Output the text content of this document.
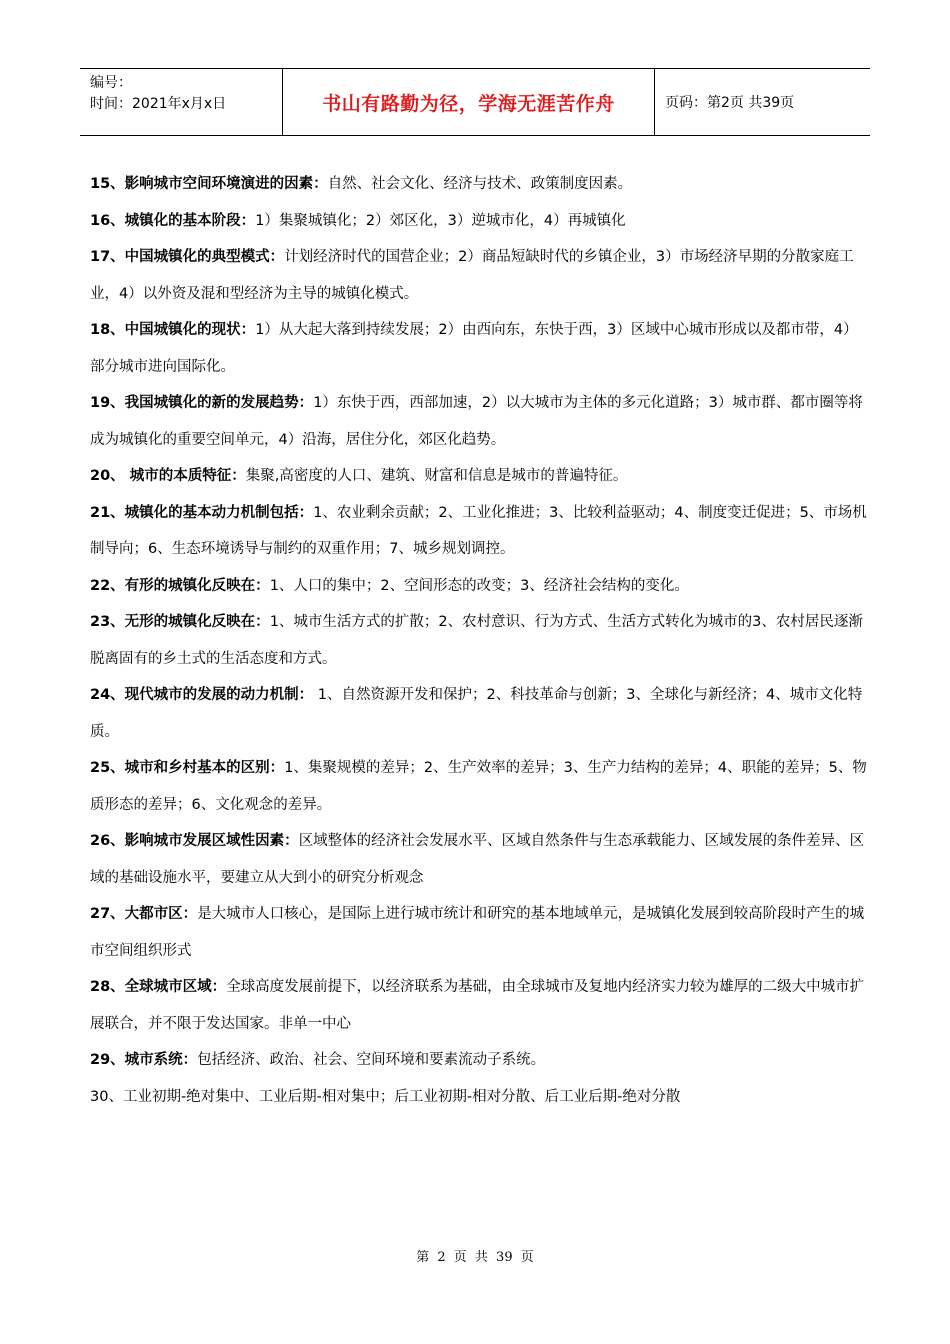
编号：
时间：2021年x月x日	书山有路勤为径，学海无涯苦作舟	页码：第2页 共39页

15、影响城市空间环境演进的因素：自然、社会文化、经济与技术、政策制度因素。

16、城镇化的基本阶段：1）集聚城镇化；2）郊区化，3）逆城市化，4）再城镇化

17、中国城镇化的典型模式：计划经济时代的国营企业；2）商品短缺时代的乡镇企业，3）市场经济早期的分散家庭工业，4）以外资及混和型经济为主导的城镇化模式。

18、中国城镇化的现状：1）从大起大落到持续发展；2）由西向东，东快于西，3）区域中心城市形成以及都市带，4）部分城市进向国际化。

19、我国城镇化的新的发展趋势：1）东快于西，西部加速，2）以大城市为主体的多元化道路；3）城市群、都市圈等将成为城镇化的重要空间单元，4）沿海，居住分化，郊区化趋势。

20、 城市的本质特征：集聚,高密度的人口、建筑、财富和信息是城市的普遍特征。

21、城镇化的基本动力机制包括：1、农业剩余贡献；2、工业化推进；3、比较利益驱动；4、制度变迁促进；5、市场机制导向；6、生态环境诱导与制约的双重作用；7、城乡规划调控。

22、有形的城镇化反映在：1、人口的集中；2、空间形态的改变；3、经济社会结构的变化。

23、无形的城镇化反映在：1、城市生活方式的扩散；2、农村意识、行为方式、生活方式转化为城市的3、农村居民逐渐脱离固有的乡土式的生活态度和方式。

24、现代城市的发展的动力机制： 1、自然资源开发和保护；2、科技革命与创新；3、全球化与新经济；4、城市文化特质。

25、城市和乡村基本的区别：1、集聚规模的差异；2、生产效率的差异；3、生产力结构的差异；4、职能的差异；5、物质形态的差异；6、文化观念的差异。

26、影响城市发展区域性因素：区域整体的经济社会发展水平、区域自然条件与生态承载能力、区域发展的条件差异、区域的基础设施水平，要建立从大到小的研究分析观念

27、大都市区：是大城市人口核心，是国际上进行城市统计和研究的基本地域单元，是城镇化发展到较高阶段时产生的城市空间组织形式

28、全球城市区域：全球高度发展前提下，以经济联系为基础，由全球城市及复地内经济实力较为雄厚的二级大中城市扩展联合，并不限于发达国家。非单一中心

29、城市系统：包括经济、政治、社会、空间环境和要素流动子系统。

30、工业初期-绝对集中、工业后期-相对集中；后工业初期-相对分散、后工业后期-绝对分散

第 2 页 共 39 页
